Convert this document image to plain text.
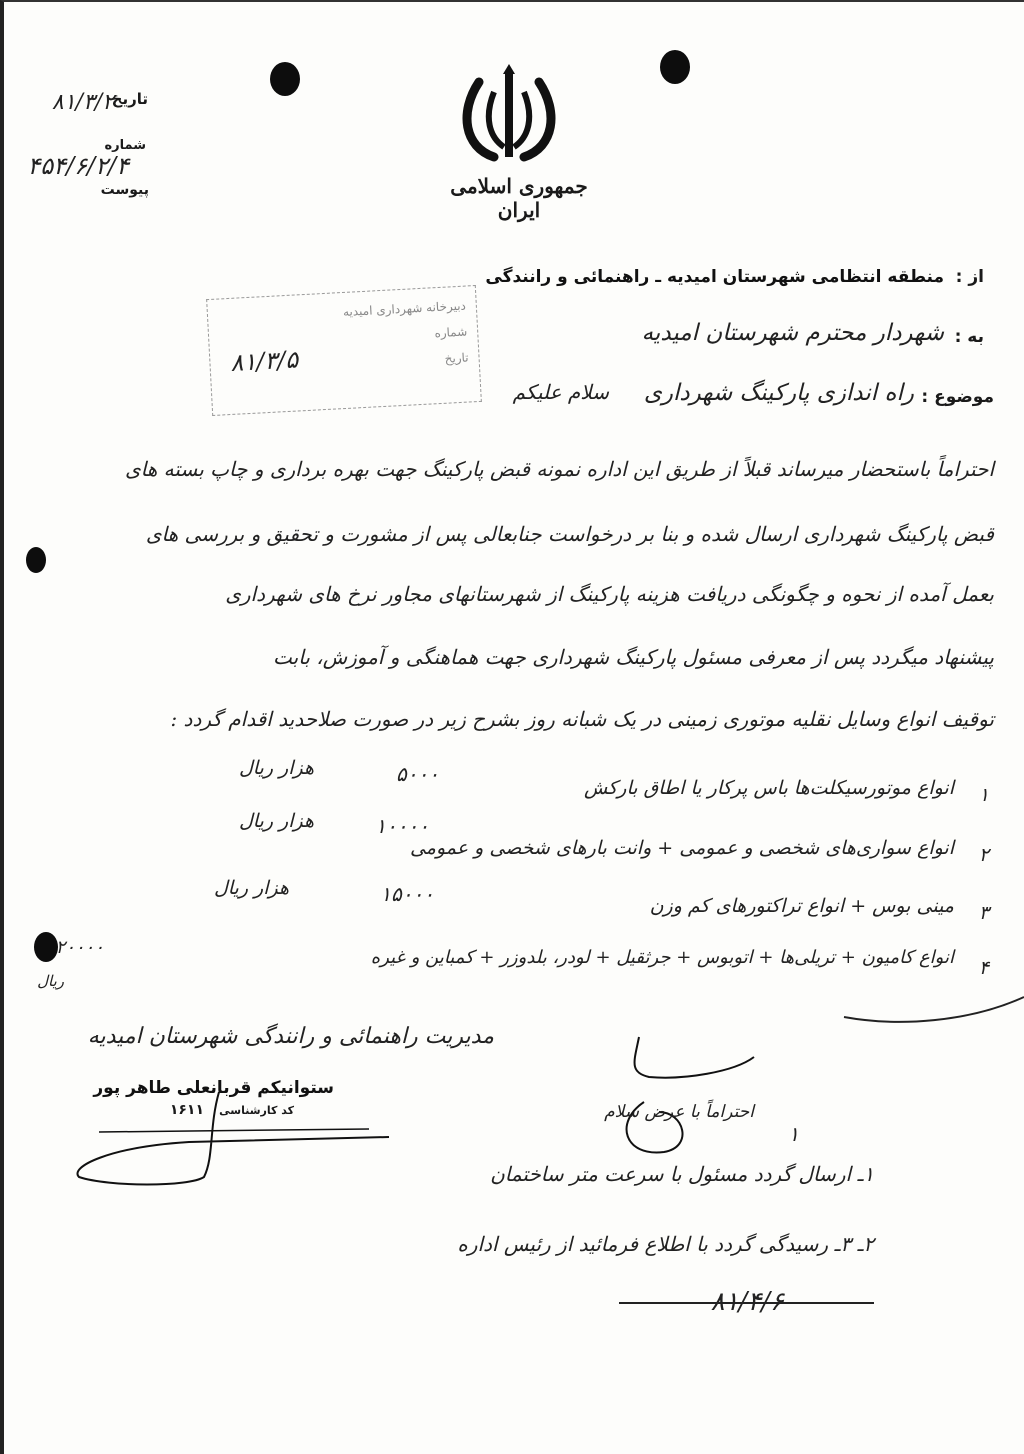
جمهوری اسلامی ایران
تاریخ
۸۱/۳/۲
شماره
۴۵۴/۶/۲/۴
پیوست
از :
منطقه انتظامی شهرستان امیدیه ـ راهنمائی و رانندگی
به :
شهردار محترم شهرستان امیدیه
موضوع :
راه اندازی پارکینگ شهرداری
سلام علیکم
دبیرخانه شهرداری امیدیه
شماره
تاریخ
۸۱/۳/۵
احتراماً باستحضار میرساند قبلاً از طریق این اداره نمونه قبض پارکینگ جهت بهره برداری و چاپ بسته های
قبض پارکینگ شهرداری ارسال شده و بنا بر درخواست جنابعالی پس از مشورت و تحقیق و بررسی های
بعمل آمده از نحوه و چگونگی دریافت هزینه پارکینگ از شهرستانهای مجاور نرخ های شهرداری
پیشنهاد میگردد پس از معرفی مسئول پارکینگ شهرداری جهت هماهنگی و آموزش، بابت
توقیف انواع وسایل نقلیه موتوری زمینی در یک شبانه روز بشرح زیر در صورت صلاحدید اقدام گردد :
۱
انواع موتورسیکلت‌ها باس پرکار یا اطاق بارکش
۵۰۰۰
هزار ریال
۲
انواع سواری‌های شخصی و عمومی + وانت بارهای شخصی و عمومی
۱۰۰۰۰
هزار ریال
۳
مینی بوس + انواع تراکتورهای کم وزن
۱۵۰۰۰
هزار ریال
۴
انواع کامیون + تریلی‌ها + اتوبوس + جرثقیل + لودر، بلدوزر + کمباین و غیره
۲۰۰۰۰
ریال
مدیریت راهنمائی و رانندگی شهرستان امیدیه
ستوانیکم قربانعلی طاهر پور
کد کارشناسی
۱۶۱۱
۱
احتراماً با عرض سلام
۱ـ ارسال گردد مسئول با سرعت متر ساختمان
۲ـ ۳ـ رسیدگی گردد با اطلاع فرمائید از رئیس اداره
۸۱/۴/۶
